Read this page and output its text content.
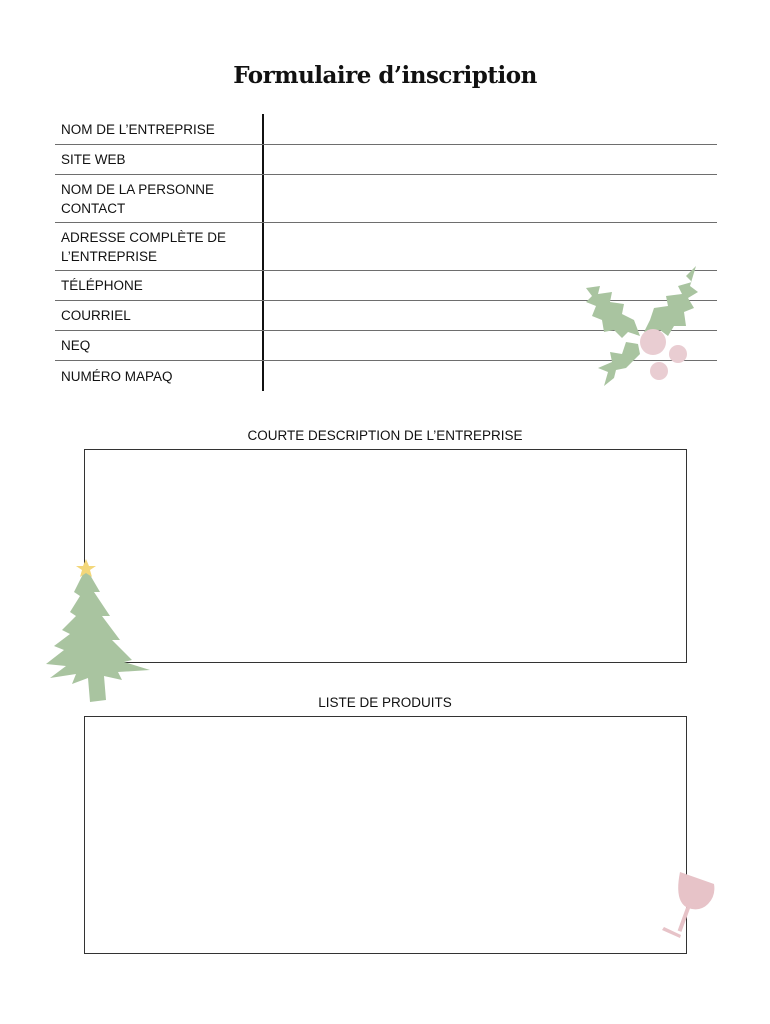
Formulaire d’inscription
NOM DE L’ENTREPRISE
SITE WEB
NOM DE LA PERSONNE CONTACT
ADRESSE COMPLÈTE DE L’ENTREPRISE
TÉLÉPHONE
COURRIEL
NEQ
NUMÉRO MAPAQ
COURTE DESCRIPTION DE L’ENTREPRISE
LISTE DE PRODUITS
